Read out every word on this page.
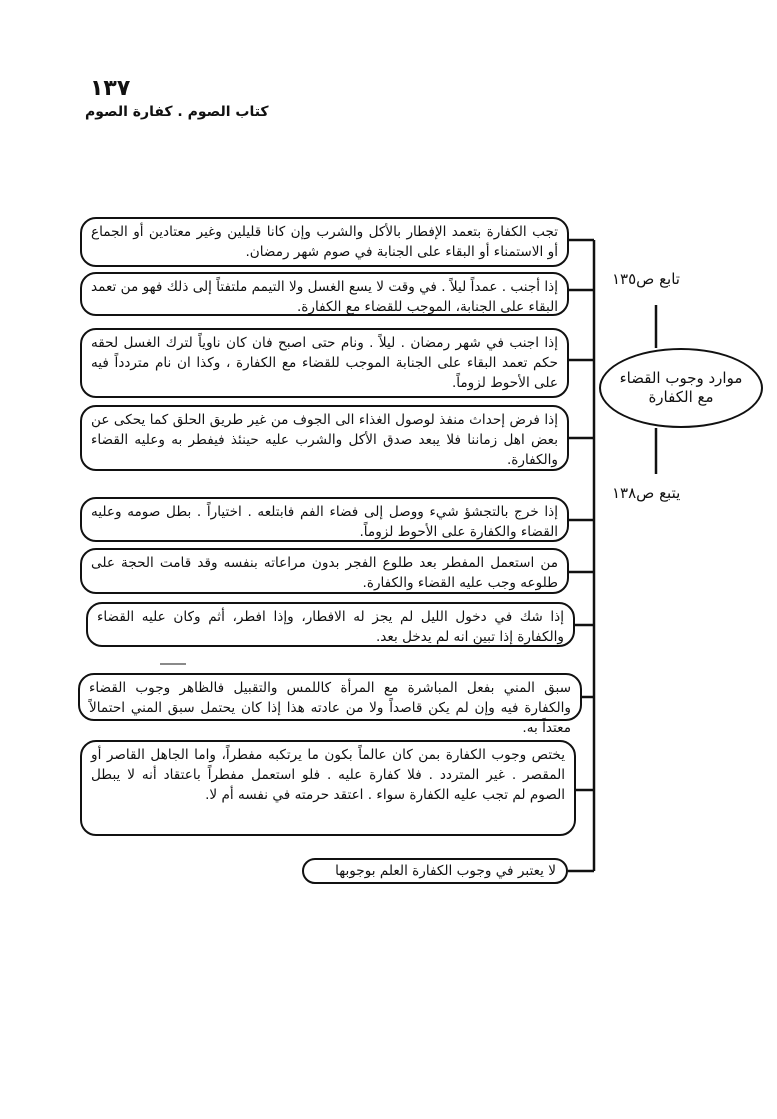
١٣٧
كتاب الصوم . كفارة الصوم
تجب الكفارة بتعمد الإفطار بالأكل والشرب وإن كانا قليلين وغير معتادين أو الجماع أو الاستمناء أو البقاء على الجنابة في صوم شهر رمضان.
إذا أجنب . عمداً ليلاً . في وقت لا يسع الغسل ولا التيمم ملتفتاً إلى ذلك فهو من تعمد البقاء على الجنابة، الموجب للقضاء مع الكفارة.
إذا اجنب في شهر رمضان . ليلاً . ونام حتى اصبح فان كان ناوياً لترك الغسل لحقه حكم تعمد البقاء على الجنابة الموجب للقضاء مع الكفارة ، وكذا ان نام متردداً فيه على الأحوط لزوماً.
إذا فرض إحداث منفذ لوصول الغذاء الى الجوف من غير طريق الحلق كما يحكى عن بعض اهل زماننا فلا يبعد صدق الأكل والشرب عليه حينئذ فيفطر به وعليه القضاء والكفارة.
إذا خرج بالتجشؤ شيء ووصل إلى فضاء الفم فابتلعه . اختياراً . بطل صومه وعليه القضاء والكفارة على الأحوط لزوماً.
من استعمل المفطر بعد طلوع الفجر بدون مراعاته بنفسه وقد قامت الحجة على طلوعه وجب عليه القضاء والكفارة.
إذا شك في دخول الليل لم يجز له الافطار، وإذا افطر، أثم وكان عليه القضاء والكفارة إذا تبين انه لم يدخل بعد.
سبق المني بفعل المباشرة مع المرأة كاللمس والتقبيل فالظاهر وجوب القضاء والكفارة فيه وإن لم يكن قاصداً ولا من عادته هذا إذا كان يحتمل سبق المني احتمالاً معتداً به.
يختص وجوب الكفارة بمن كان عالماً بكون ما يرتكبه مفطراً، واما الجاهل القاصر أو المقصر . غير المتردد . فلا كفارة عليه . فلو استعمل مفطراً باعتقاد أنه لا يبطل الصوم لم تجب عليه الكفارة سواء . اعتقد حرمته في نفسه أم لا.
لا يعتبر في وجوب الكفارة العلم بوجوبها
تابع ص١٣٥
موارد وجوب القضاء مع الكفارة
يتبع ص١٣٨
